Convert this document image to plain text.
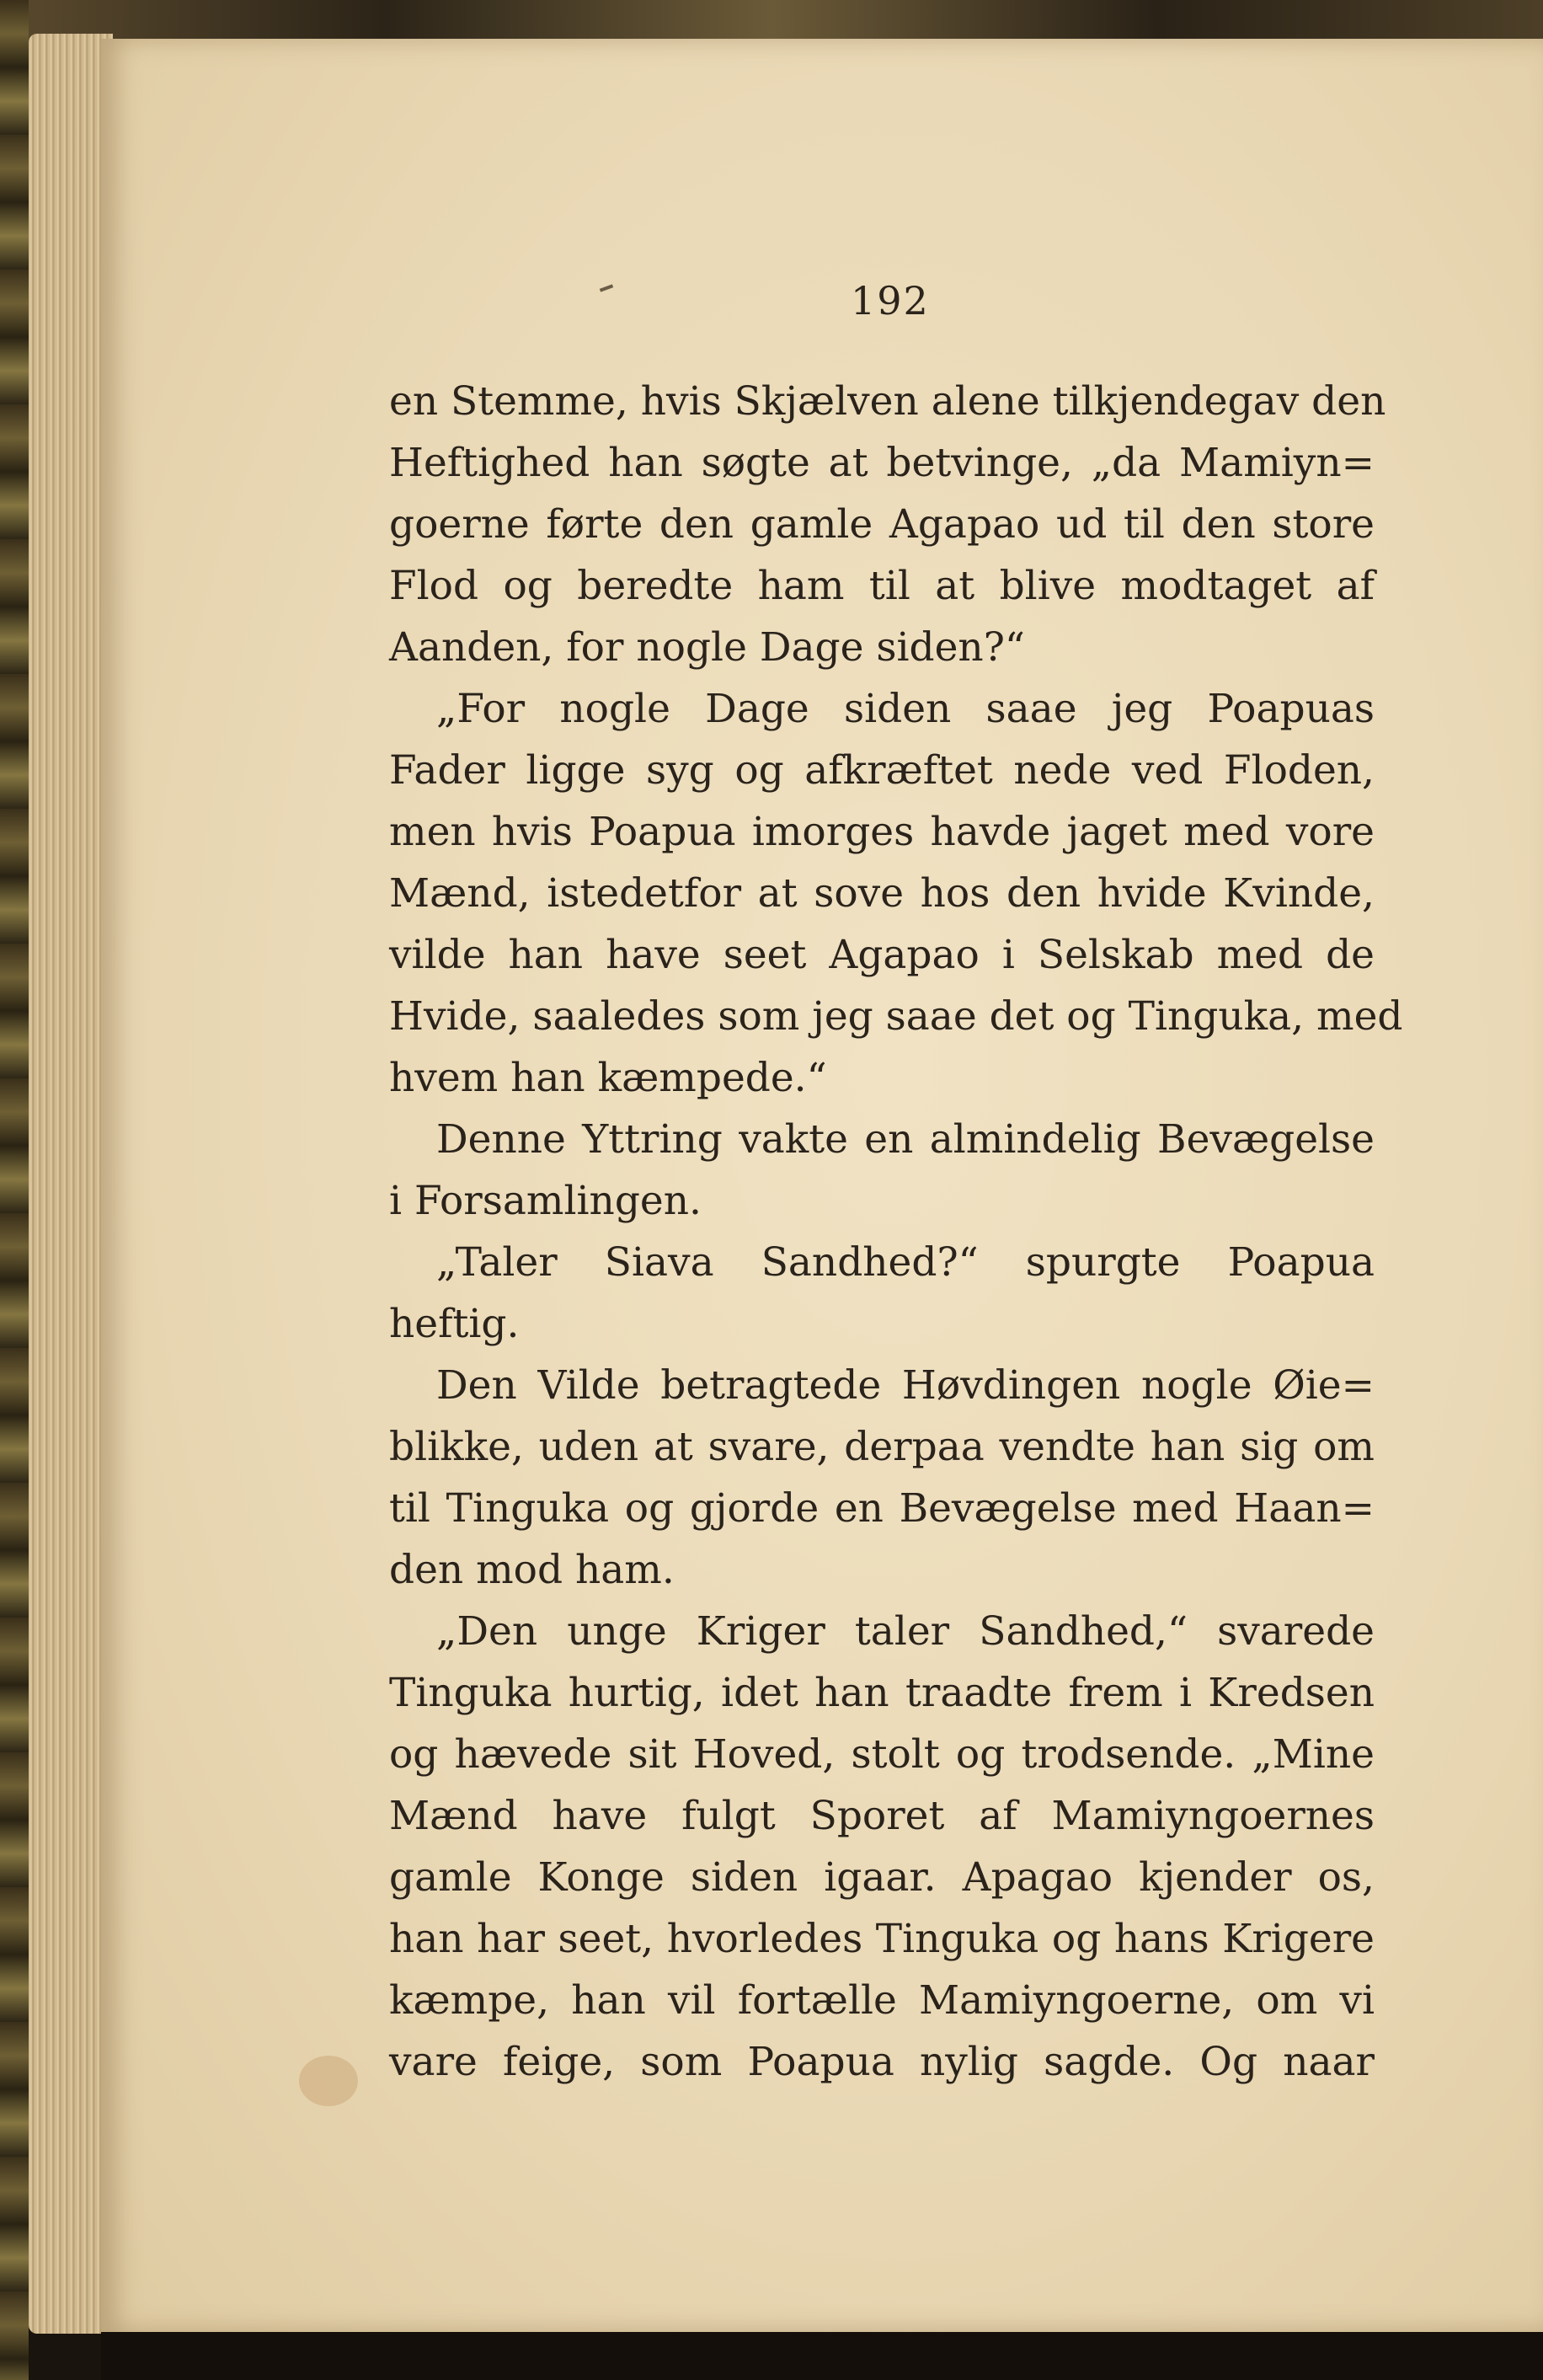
192
en Stemme, hvis Skjælven alene tilkjendegav den
Heftighed han søgte at betvinge, „da Mamiyn=
goerne førte den gamle Agapao ud til den store
Flod og beredte ham til at blive modtaget af
Aanden, for nogle Dage siden?“
„For nogle Dage siden saae jeg Poapuas
Fader ligge syg og afkræftet nede ved Floden,
men hvis Poapua imorges havde jaget med vore
Mænd, istedetfor at sove hos den hvide Kvinde,
vilde han have seet Agapao i Selskab med de
Hvide, saaledes som jeg saae det og Tinguka, med
hvem han kæmpede.“
Denne Yttring vakte en almindelig Bevægelse
i Forsamlingen.
„Taler Siava Sandhed?“ spurgte Poapua
heftig.
Den Vilde betragtede Høvdingen nogle Øie=
blikke, uden at svare, derpaa vendte han sig om
til Tinguka og gjorde en Bevægelse med Haan=
den mod ham.
„Den unge Kriger taler Sandhed,“ svarede
Tinguka hurtig, idet han traadte frem i Kredsen
og hævede sit Hoved, stolt og trodsende. „Mine
Mænd have fulgt Sporet af Mamiyngoernes
gamle Konge siden igaar. Apagao kjender os,
han har seet, hvorledes Tinguka og hans Krigere
kæmpe, han vil fortælle Mamiyngoerne, om vi
vare feige, som Poapua nylig sagde. Og naar
